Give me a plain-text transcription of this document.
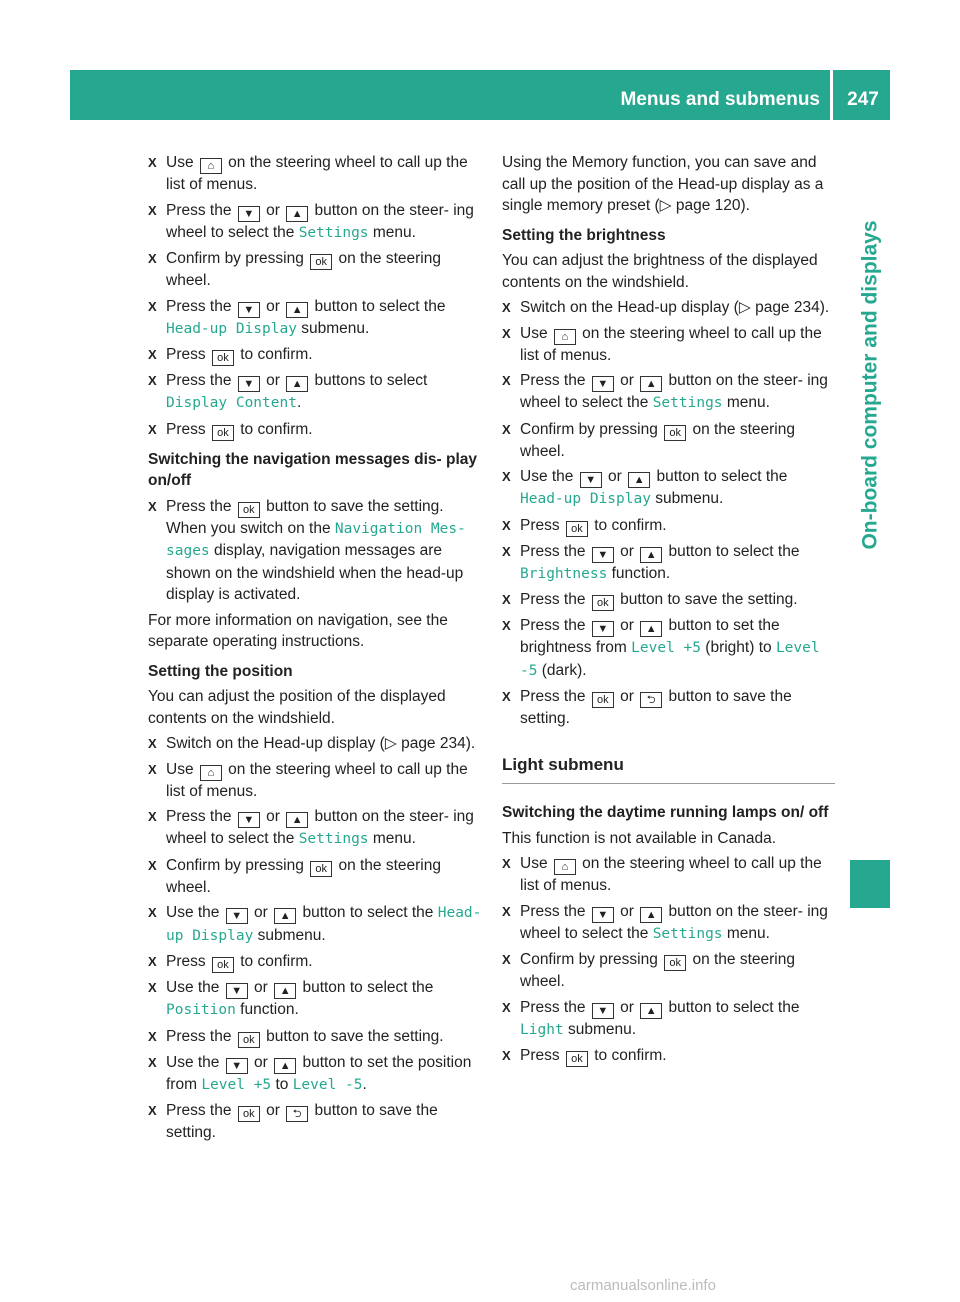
Menus and submenus	247
On-board computer and displays
X Use ⌂ on the steering wheel to call up the list of menus.
X Press the ▼ or ▲ button on the steer‐ ing wheel to select the Settings menu.
X Confirm by pressing ok on the steering wheel.
X Press the ▼ or ▲ button to select the Head-up Display submenu.
X Press ok to confirm.
X Press the ▼ or ▲ buttons to select Display Content.
X Press ok to confirm.
Switching the navigation messages dis‐ play on/off
X Press the ok button to save the setting.
When you switch on the Navigation Mes‐ sages display, navigation messages are shown on the windshield when the head-up display is activated.
For more information on navigation, see the separate operating instructions.
Setting the position
You can adjust the position of the displayed contents on the windshield.
X Switch on the Head-up display (▷ page 234).
X Use ⌂ on the steering wheel to call up the list of menus.
X Press the ▼ or ▲ button on the steer‐ ing wheel to select the Settings menu.
X Confirm by pressing ok on the steering wheel.
X Use the ▼ or ▲ button to select the Head-up Display submenu.
X Press ok to confirm.
X Use the ▼ or ▲ button to select the Position function.
X Press the ok button to save the setting.
X Use the ▼ or ▲ button to set the position from Level +5 to Level -5.
X Press the ok or ⮌ button to save the setting.
Using the Memory function, you can save and call up the position of the Head-up display as a single memory preset (▷ page 120).
Setting the brightness
You can adjust the brightness of the displayed contents on the windshield.
X Switch on the Head-up display (▷ page 234).
X Use ⌂ on the steering wheel to call up the list of menus.
X Press the ▼ or ▲ button on the steer‐ ing wheel to select the Settings menu.
X Confirm by pressing ok on the steering wheel.
X Use the ▼ or ▲ button to select the Head-up Display submenu.
X Press ok to confirm.
X Press the ▼ or ▲ button to select the Brightness function.
X Press the ok button to save the setting.
X Press the ▼ or ▲ button to set the brightness from Level +5 (bright) to Level -5 (dark).
X Press the ok or ⮌ button to save the setting.
Light submenu
Switching the daytime running lamps on/ off
This function is not available in Canada.
X Use ⌂ on the steering wheel to call up the list of menus.
X Press the ▼ or ▲ button on the steer‐ ing wheel to select the Settings menu.
X Confirm by pressing ok on the steering wheel.
X Press the ▼ or ▲ button to select the Light submenu.
X Press ok to confirm.
carmanualsonline.info
